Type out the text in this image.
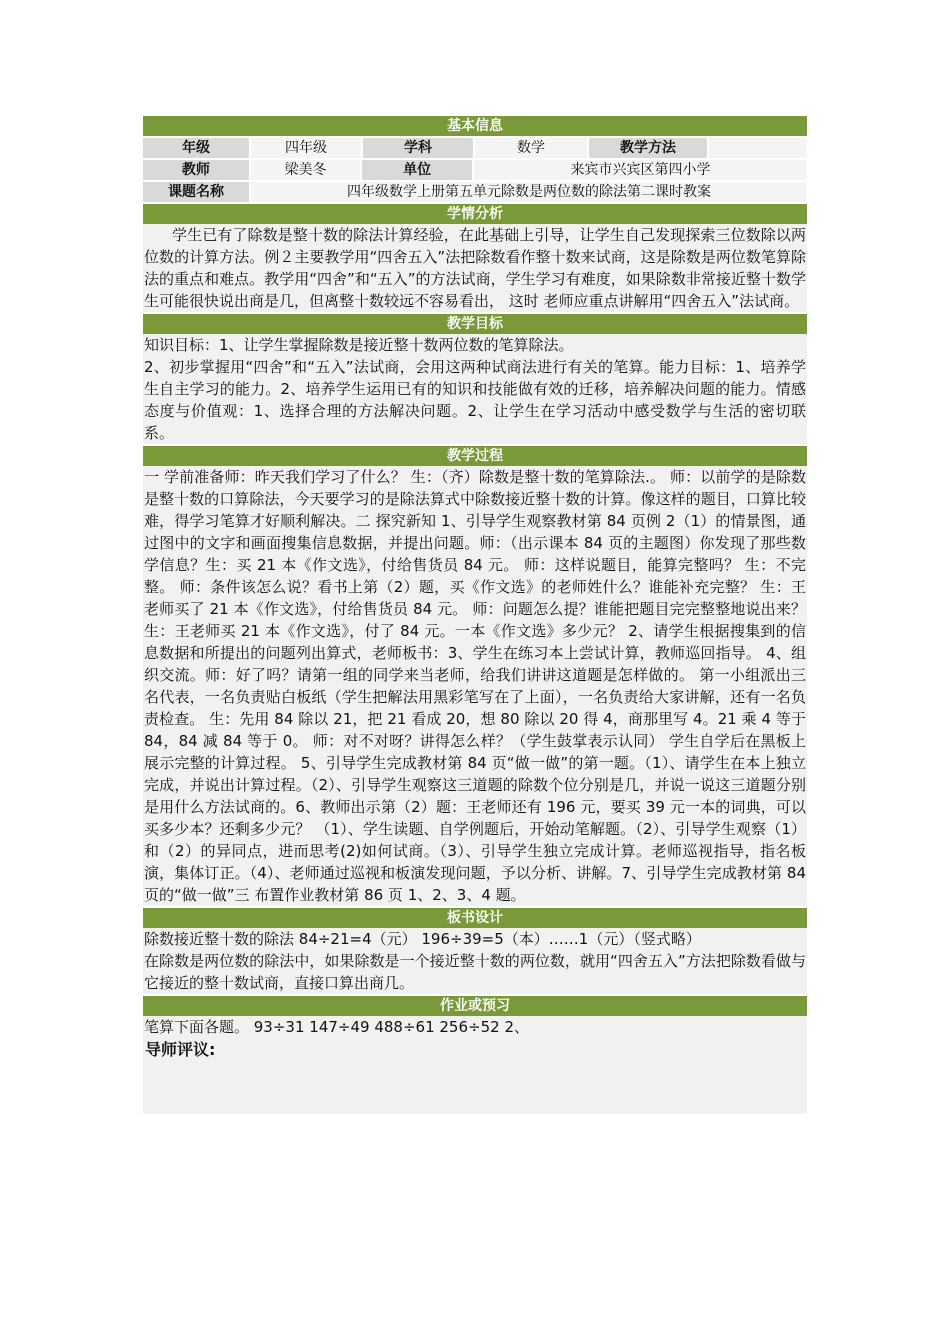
基本信息
年级	四年级	学科	数学	教学方法
教师	梁美冬	单位	来宾市兴宾区第四小学
课题名称	四年级数学上册第五单元除数是两位数的除法第二课时教案
学情分析

学生已有了除数是整十数的除法计算经验，在此基础上引导，让学生自己发现探索三位数除以两位数的计算方法。例２主要教学用“四舍五入”法把除数看作整十数来试商，这是除数是两位数笔算除法的重点和难点。教学用“四舍”和“五入”的方法试商，学生学习有难度，如果除数非常接近整十数学生可能很快说出商是几，但离整十数较远不容易看出， 这时 老师应重点讲解用“四舍五入”法试商。

教学目标

知识目标：1、让学生掌握除数是接近整十数两位数的笔算除法。

2、初步掌握用“四舍”和“五入”法试商，会用这两种试商法进行有关的笔算。能力目标：1、培养学生自主学习的能力。2、培养学生运用已有的知识和技能做有效的迁移，培养解决问题的能力。情感态度与价值观：1、选择合理的方法解决问题。2、让学生在学习活动中感受数学与生活的密切联系。

教学过程

一 学前准备师：昨天我们学习了什么？ 生：（齐）除数是整十数的笔算除法.。 师：以前学的是除数是整十数的口算除法，今天要学习的是除法算式中除数接近整十数的计算。像这样的题目，口算比较难，得学习笔算才好顺利解决。二 探究新知 1、引导学生观察教材第 84 页例 2（1）的情景图，通过图中的文字和画面搜集信息数据，并提出问题。师：（出示课本 84 页的主题图）你发现了那些数学信息？生：买 21 本《作文选》，付给售货员 84 元。 师：这样说题目，能算完整吗？ 生：不完整。 师：条件该怎么说？看书上第（2）题，买《作文选》的老师姓什么？谁能补充完整？ 生：王老师买了 21 本《作文选》，付给售货员 84 元。 师：问题怎么提？谁能把题目完完整整地说出来？ 生：王老师买 21 本《作文选》，付了 84 元。一本《作文选》多少元？ 2、请学生根据搜集到的信息数据和所提出的问题列出算式，老师板书：3、学生在练习本上尝试计算，教师巡回指导。 4、组织交流。师：好了吗？请第一组的同学来当老师，给我们讲讲这道题是怎样做的。 第一小组派出三名代表，一名负责贴白板纸（学生把解法用黑彩笔写在了上面），一名负责给大家讲解，还有一名负责检查。 生：先用 84 除以 21，把 21 看成 20，想 80 除以 20 得 4，商那里写 4。21 乘 4 等于 84，84 减 84 等于 0。 师：对不对呀？讲得怎么样？（学生鼓掌表示认同） 学生自学后在黑板上展示完整的计算过程。 5、引导学生完成教材第 84 页“做一做”的第一题。（1）、请学生在本上独立完成，并说出计算过程。（2）、引导学生观察这三道题的除数个位分别是几，并说一说这三道题分别是用什么方法试商的。6、教师出示第（2）题：王老师还有 196 元，要买 39 元一本的词典，可以买多少本？还剩多少元？ （1）、学生读题、自学例题后，开始动笔解题。（2）、引导学生观察（1）和（2）的异同点，进而思考(2)如何试商。（3）、引导学生独立完成计算。老师巡视指导，指名板演，集体订正。（4）、老师通过巡视和板演发现问题，予以分析、讲解。7、引导学生完成教材第 84 页的“做一做”三 布置作业教材第 86 页 1、2、3、4 题。

板书设计

除数接近整十数的除法 84÷21=4（元） 196÷39=5（本）……1（元）（竖式略）

在除数是两位数的除法中，如果除数是一个接近整十数的两位数，就用“四舍五入”方法把除数看做与它接近的整十数试商，直接口算出商几。

作业或预习

笔算下面各题。 93÷31 147÷49 488÷61 256÷52 2、

导师评议:
